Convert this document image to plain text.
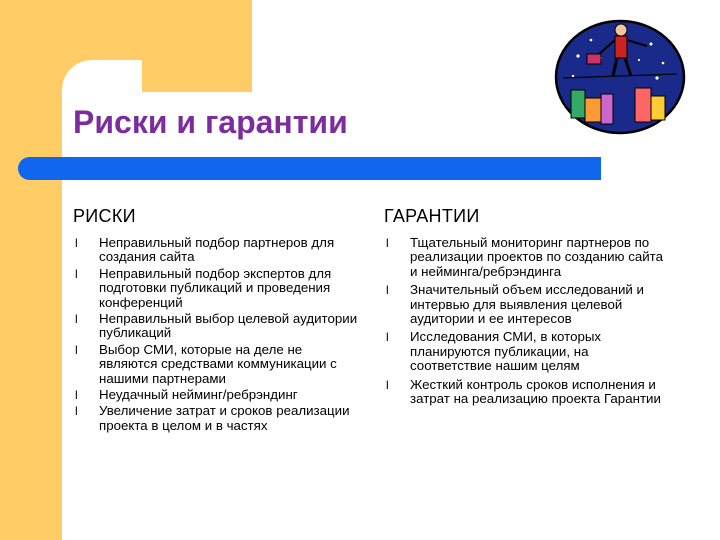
Риски и гарантии
РИСКИ
l Неправильный подбор партнеров для создания сайта
l Неправильный подбор экспертов для подготовки публикаций и проведения конференций
l Неправильный выбор целевой аудитории публикаций
l Выбор СМИ, которые на деле не являются средствами коммуникации с нашими партнерами
l Неудачный нейминг/ребрэндинг
l Увеличение затрат и сроков реализации проекта в целом и в частях
ГАРАНТИИ
l Тщательный мониторинг партнеров по реализации проектов по созданию сайта и нейминга/ребрэндинга
l Значительный объем исследований и интервью для выявления целевой аудитории и ее интересов
l Исследования СМИ, в которых планируются публикации, на соответствие нашим целям
l Жесткий контроль сроков исполнения и затрат на реализацию проекта Гарантии
